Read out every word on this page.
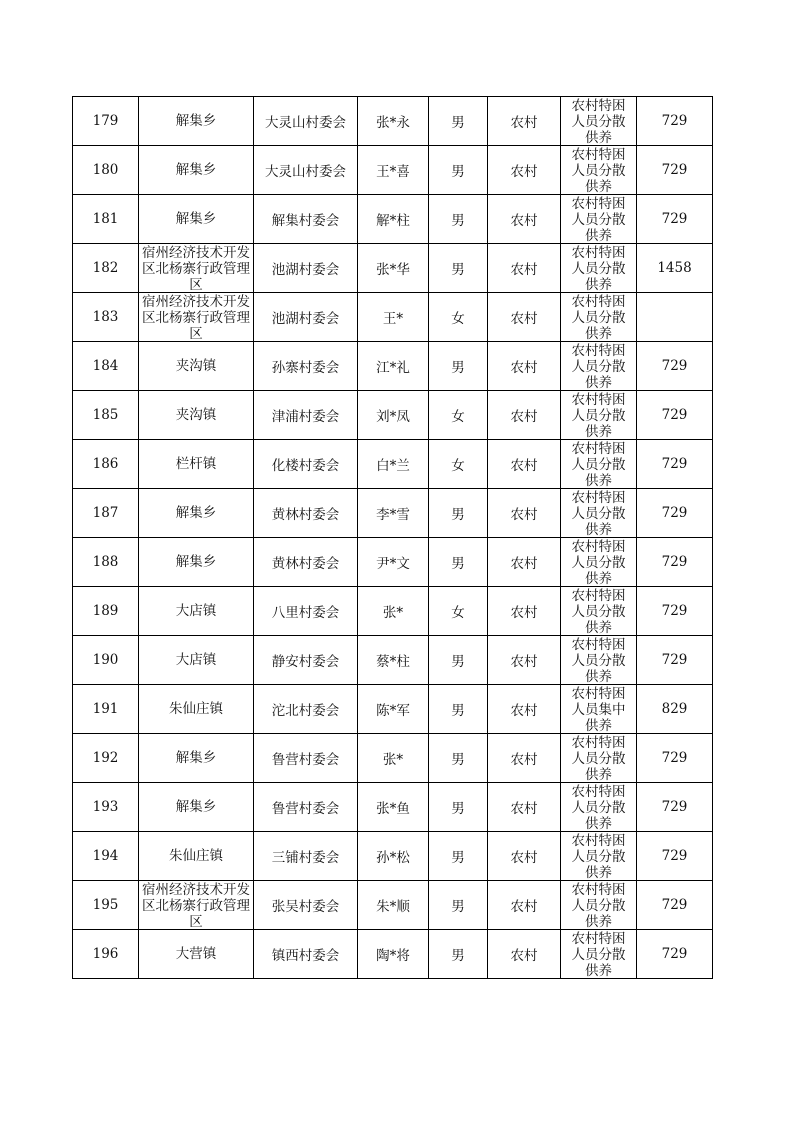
179	解集乡	大灵山村委会	张*永	男	农村	农村特困人员分散供养	729
180	解集乡	大灵山村委会	王*喜	男	农村	农村特困人员分散供养	729
181	解集乡	解集村委会	解*柱	男	农村	农村特困人员分散供养	729
182	宿州经济技术开发区北杨寨行政管理区	池湖村委会	张*华	男	农村	农村特困人员分散供养	1458
183	宿州经济技术开发区北杨寨行政管理区	池湖村委会	王*	女	农村	农村特困人员分散供养	

184	夹沟镇	孙寨村委会	江*礼	男	农村	农村特困人员分散供养	729
185	夹沟镇	津浦村委会	刘*凤	女	农村	农村特困人员分散供养	729
186	栏杆镇	化楼村委会	白*兰	女	农村	农村特困人员分散供养	729
187	解集乡	黄林村委会	李*雪	男	农村	农村特困人员分散供养	729
188	解集乡	黄林村委会	尹*文	男	农村	农村特困人员分散供养	729
189	大店镇	八里村委会	张*	女	农村	农村特困人员分散供养	729
190	大店镇	静安村委会	蔡*柱	男	农村	农村特困人员分散供养	729
191	朱仙庄镇	沱北村委会	陈*军	男	农村	农村特困人员集中供养	829
192	解集乡	鲁营村委会	张*	男	农村	农村特困人员分散供养	729
193	解集乡	鲁营村委会	张*鱼	男	农村	农村特困人员分散供养	729
194	朱仙庄镇	三铺村委会	孙*松	男	农村	农村特困人员分散供养	729
195	宿州经济技术开发区北杨寨行政管理区	张吴村委会	朱*顺	男	农村	农村特困人员分散供养	729
196	大营镇	镇西村委会	陶*将	男	农村	农村特困人员分散供养	729
